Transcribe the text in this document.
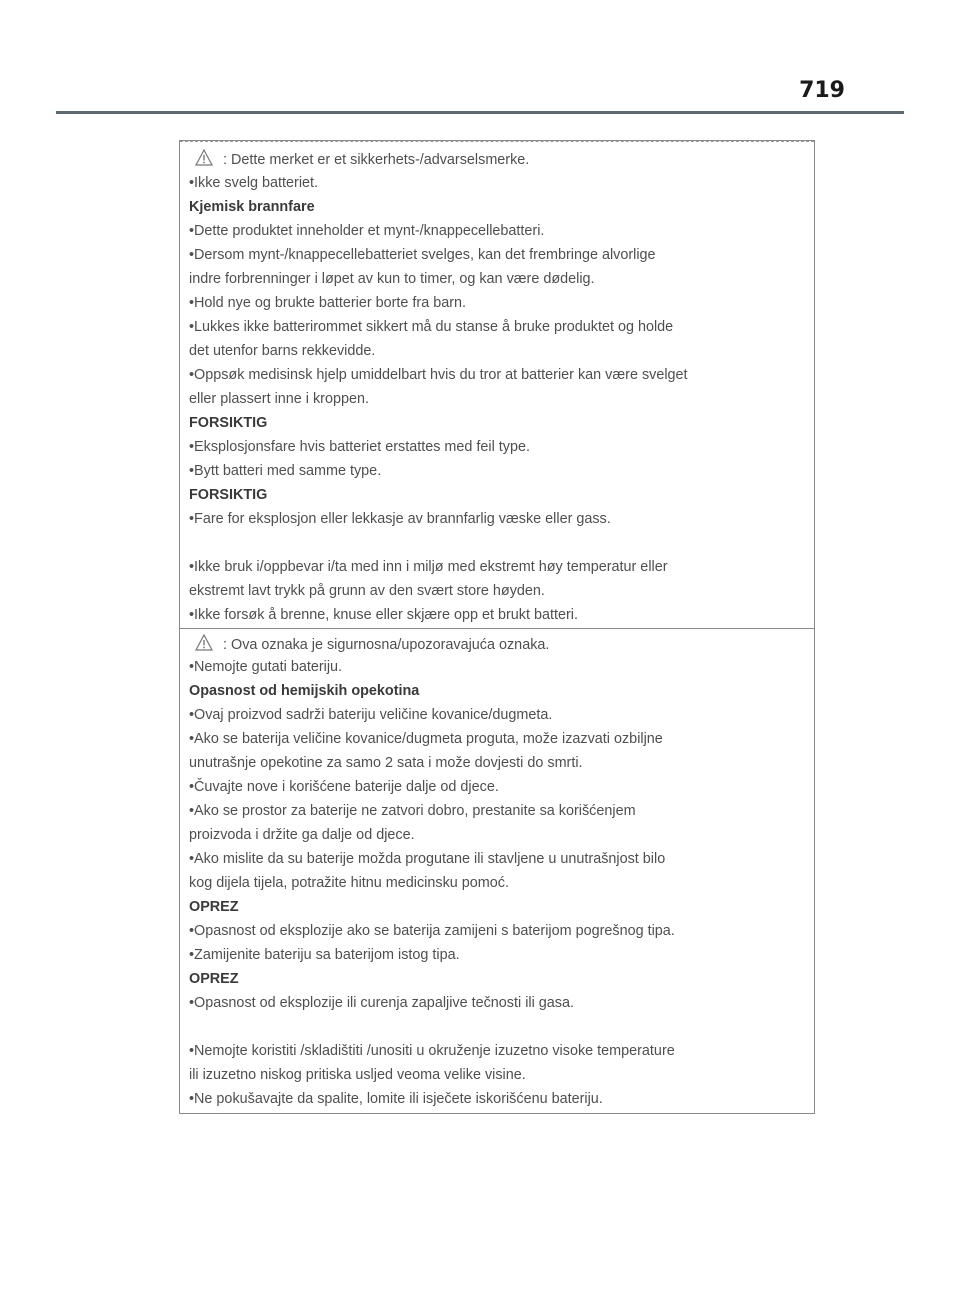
719
: Dette merket er et sikkerhets-/advarselsmerke.
•Ikke svelg batteriet.
Kjemisk brannfare
•Dette produktet inneholder et mynt-/knappecellebatteri.
•Dersom mynt-/knappecellebatteriet svelges, kan det frembringe alvorlige
indre forbrenninger i løpet av kun to timer, og kan være dødelig.
•Hold nye og brukte batterier borte fra barn.
•Lukkes ikke batterirommet sikkert må du stanse å bruke produktet og holde
det utenfor barns rekkevidde.
•Oppsøk medisinsk hjelp umiddelbart hvis du tror at batterier kan være svelget
eller plassert inne i kroppen.
FORSIKTIG
•Eksplosjonsfare hvis batteriet erstattes med feil type.
•Bytt batteri med samme type.
FORSIKTIG
•Fare for eksplosjon eller lekkasje av brannfarlig væske eller gass.
•Ikke bruk i/oppbevar i/ta med inn i miljø med ekstremt høy temperatur eller
ekstremt lavt trykk på grunn av den svært store høyden.
•Ikke forsøk å brenne, knuse eller skjære opp et brukt batteri.
: Ova oznaka je sigurnosna/upozoravajuća oznaka.
•Nemojte gutati bateriju.
Opasnost od hemijskih opekotina
•Ovaj proizvod sadrži bateriju veličine kovanice/dugmeta.
•Ako se baterija veličine kovanice/dugmeta proguta, može izazvati ozbiljne
unutrašnje opekotine za samo 2 sata i može dovjesti do smrti.
•Čuvajte nove i korišćene baterije dalje od djece.
•Ako se prostor za baterije ne zatvori dobro, prestanite sa korišćenjem
proizvoda i držite ga dalje od djece.
•Ako mislite da su baterije možda progutane ili stavljene u unutrašnjost bilo
kog dijela tijela, potražite hitnu medicinsku pomoć.
OPREZ
•Opasnost od eksplozije ako se baterija zamijeni s baterijom pogrešnog tipa.
•Zamijenite bateriju sa baterijom istog tipa.
OPREZ
•Opasnost od eksplozije ili curenja zapaljive tečnosti ili gasa.
•Nemojte koristiti /skladištiti /unositi u okruženje izuzetno visoke temperature
ili izuzetno niskog pritiska usljed veoma velike visine.
•Ne pokušavajte da spalite, lomite ili isječete iskorišćenu bateriju.
